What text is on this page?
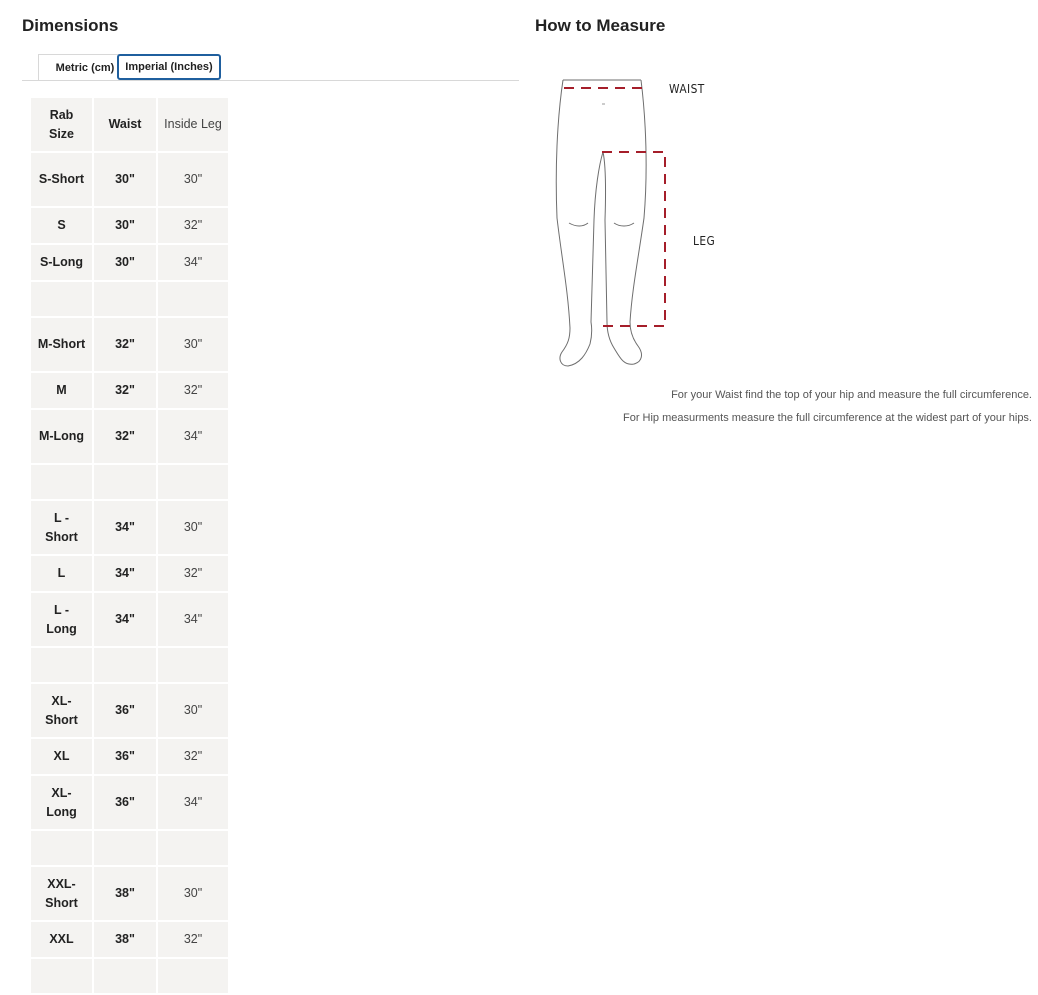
Dimensions	How to Measure
Metric (cm) Imperial (Inches)
Rab Size	Waist	Inside Leg
S-Short	30"	30"
S	30"	32"
S-Long	30"	34"

M-Short	32"	30"
M	32"	32"
M-Long	32"	34"

L - Short	34"	30"
L	34"	32"
L - Long	34"	34"

XL-Short	36"	30"
XL	36"	32"
XL-Long	36"	34"

XXL-Short	38"	30"
XXL	38"	32"

WAIST
LEG

For your Waist find the top of your hip and measure the full circumference.

For Hip measurments measure the full circumference at the widest part of your hips.
